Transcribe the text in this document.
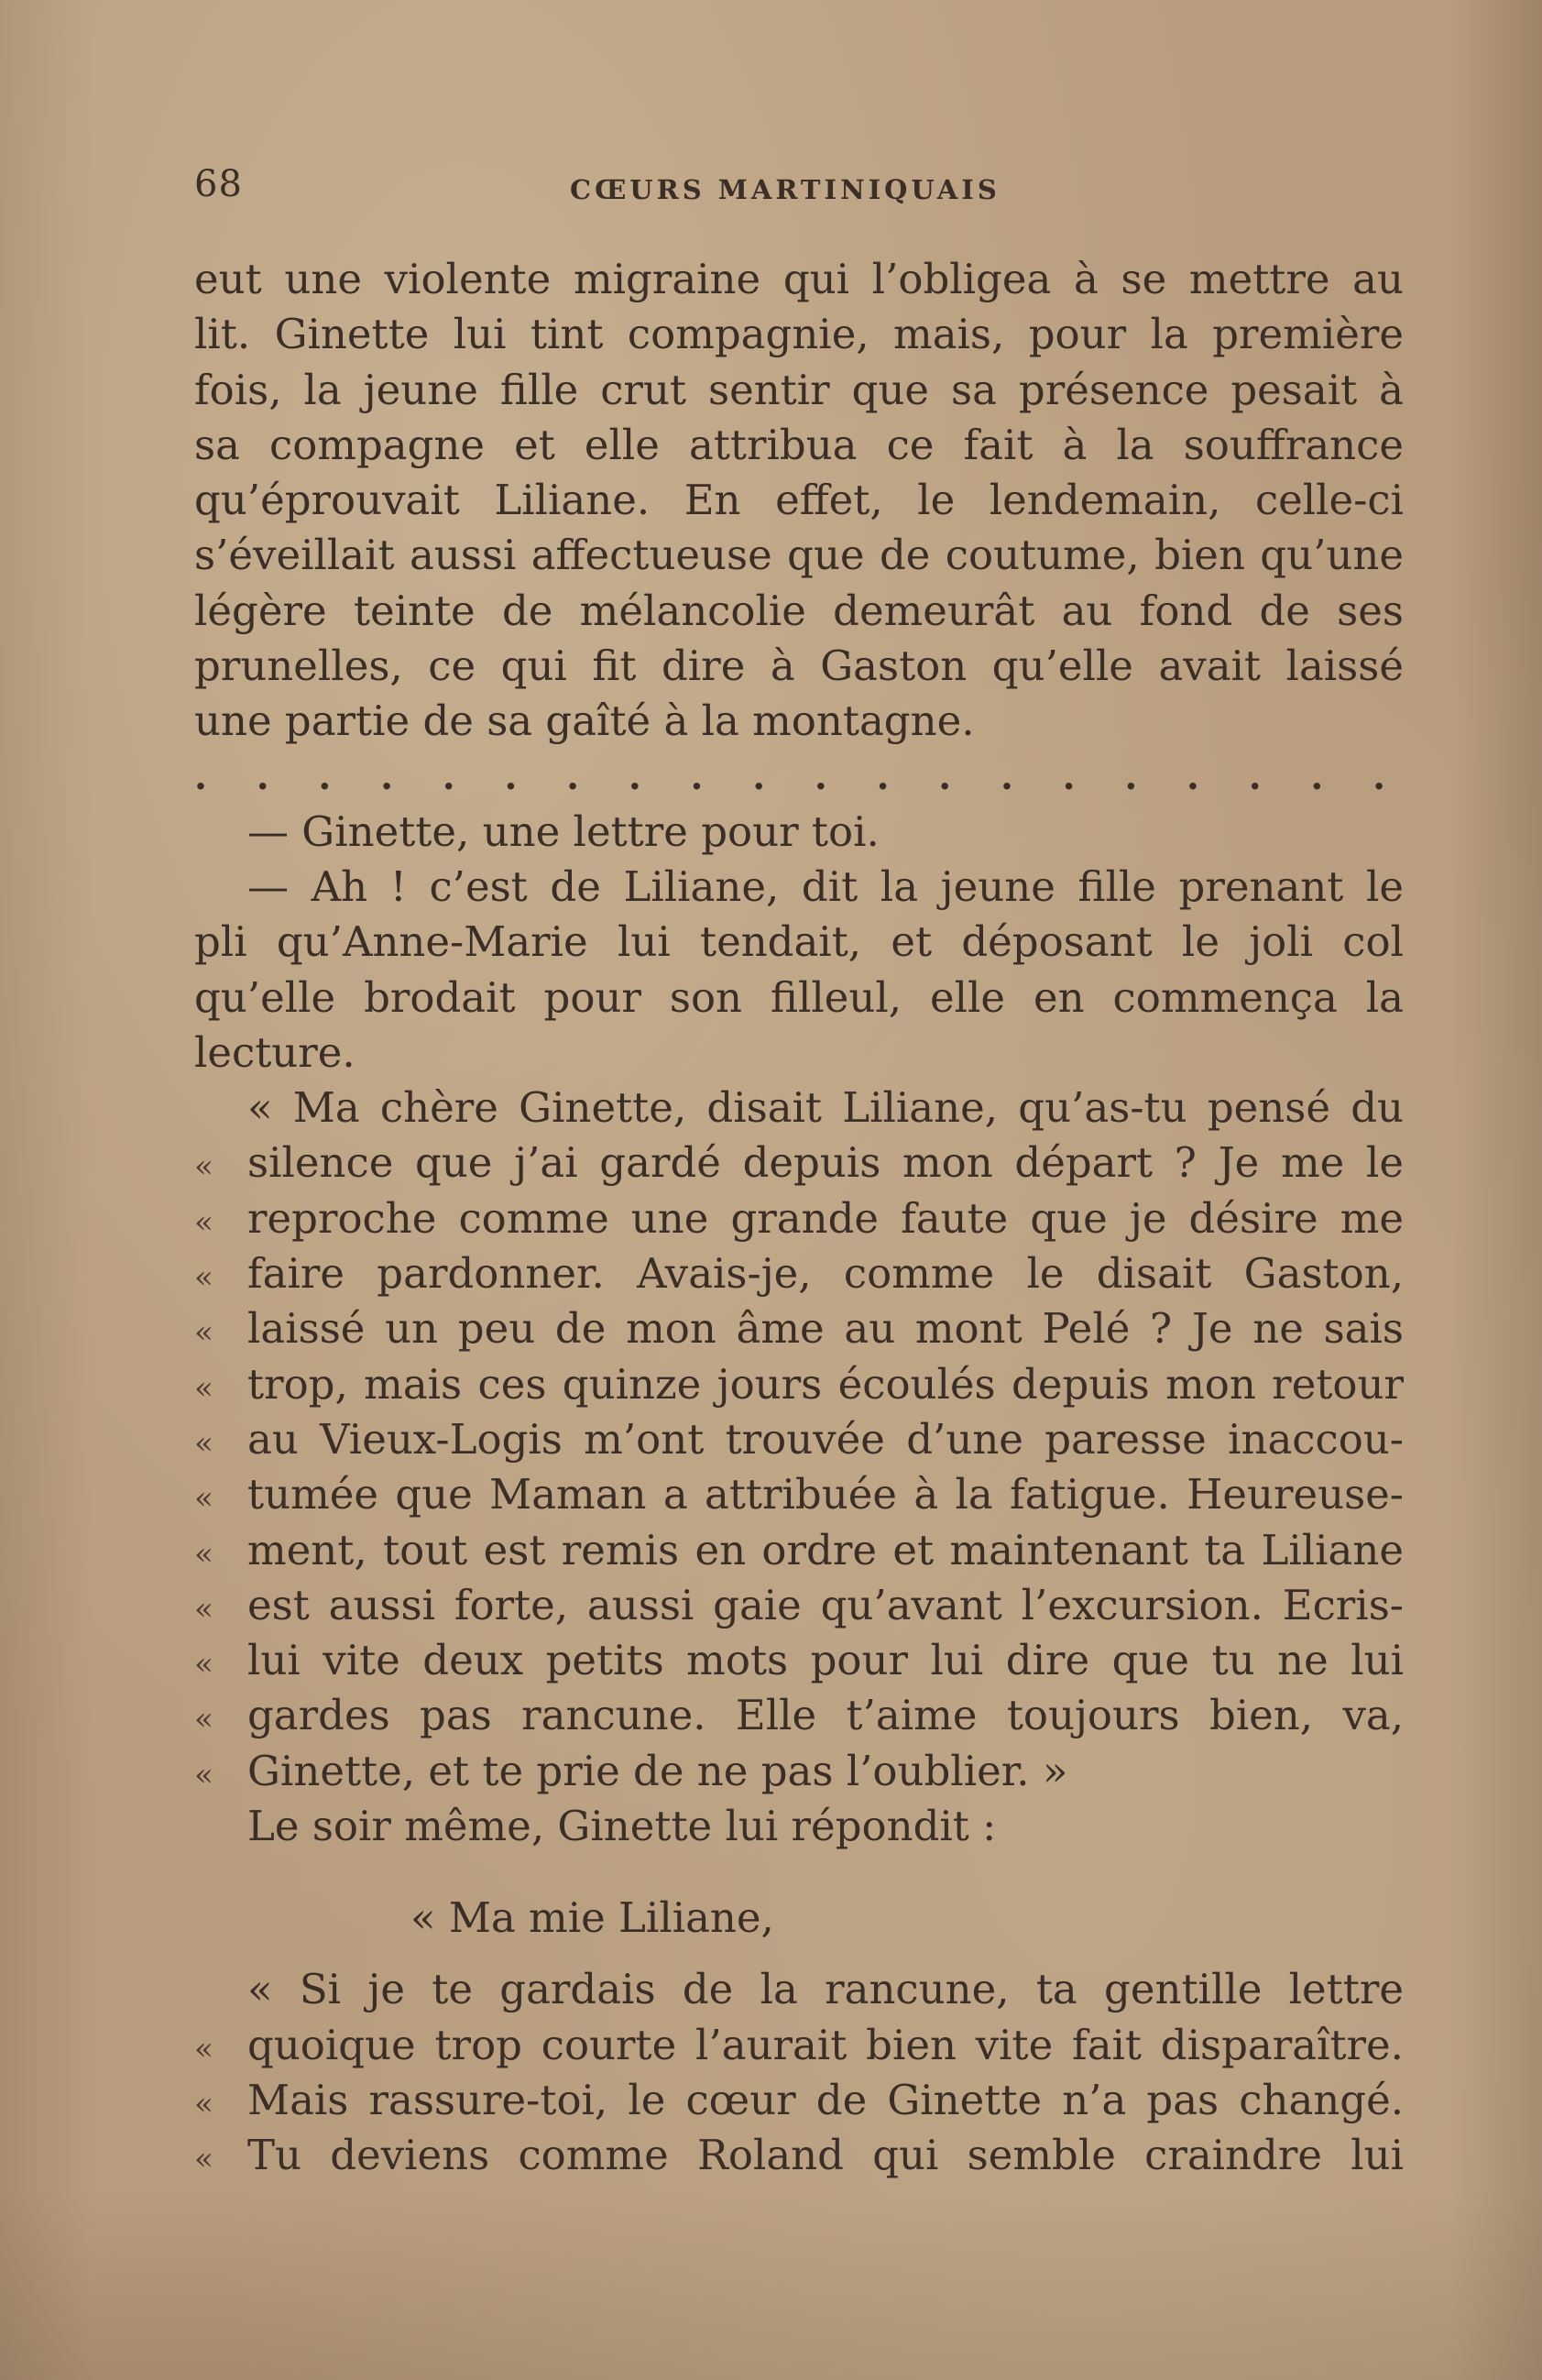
68	CŒURS MARTINIQUAIS
eut une violente migraine qui l’obligea à se mettre au
lit. Ginette lui tint compagnie, mais, pour la première
fois, la jeune fille crut sentir que sa présence pesait à
sa compagne et elle attribua ce fait à la souffrance
qu’éprouvait Liliane. En effet, le lendemain, celle-ci
s’éveillait aussi affectueuse que de coutume, bien qu’une
légère teinte de mélancolie demeurât au fond de ses
prunelles, ce qui fit dire à Gaston qu’elle avait laissé
une partie de sa gaîté à la montagne.
. . . . . . . . . . . . . . . . . . . .
— Ginette, une lettre pour toi.
— Ah ! c’est de Liliane, dit la jeune fille prenant le
pli qu’Anne-Marie lui tendait, et déposant le joli col
qu’elle brodait pour son filleul, elle en commença la
lecture.
« Ma chère Ginette, disait Liliane, qu’as-tu pensé du
« silence que j’ai gardé depuis mon départ ? Je me le
« reproche comme une grande faute que je désire me
« faire pardonner. Avais-je, comme le disait Gaston,
« laissé un peu de mon âme au mont Pelé ? Je ne sais
« trop, mais ces quinze jours écoulés depuis mon retour
« au Vieux-Logis m’ont trouvée d’une paresse inaccou-
« tumée que Maman a attribuée à la fatigue. Heureuse-
« ment, tout est remis en ordre et maintenant ta Liliane
« est aussi forte, aussi gaie qu’avant l’excursion. Ecris-
« lui vite deux petits mots pour lui dire que tu ne lui
« gardes pas rancune. Elle t’aime toujours bien, va,
« Ginette, et te prie de ne pas l’oublier. »
Le soir même, Ginette lui répondit :
« Ma mie Liliane,
« Si je te gardais de la rancune, ta gentille lettre
« quoique trop courte l’aurait bien vite fait disparaître.
« Mais rassure-toi, le cœur de Ginette n’a pas changé.
« Tu deviens comme Roland qui semble craindre lui
